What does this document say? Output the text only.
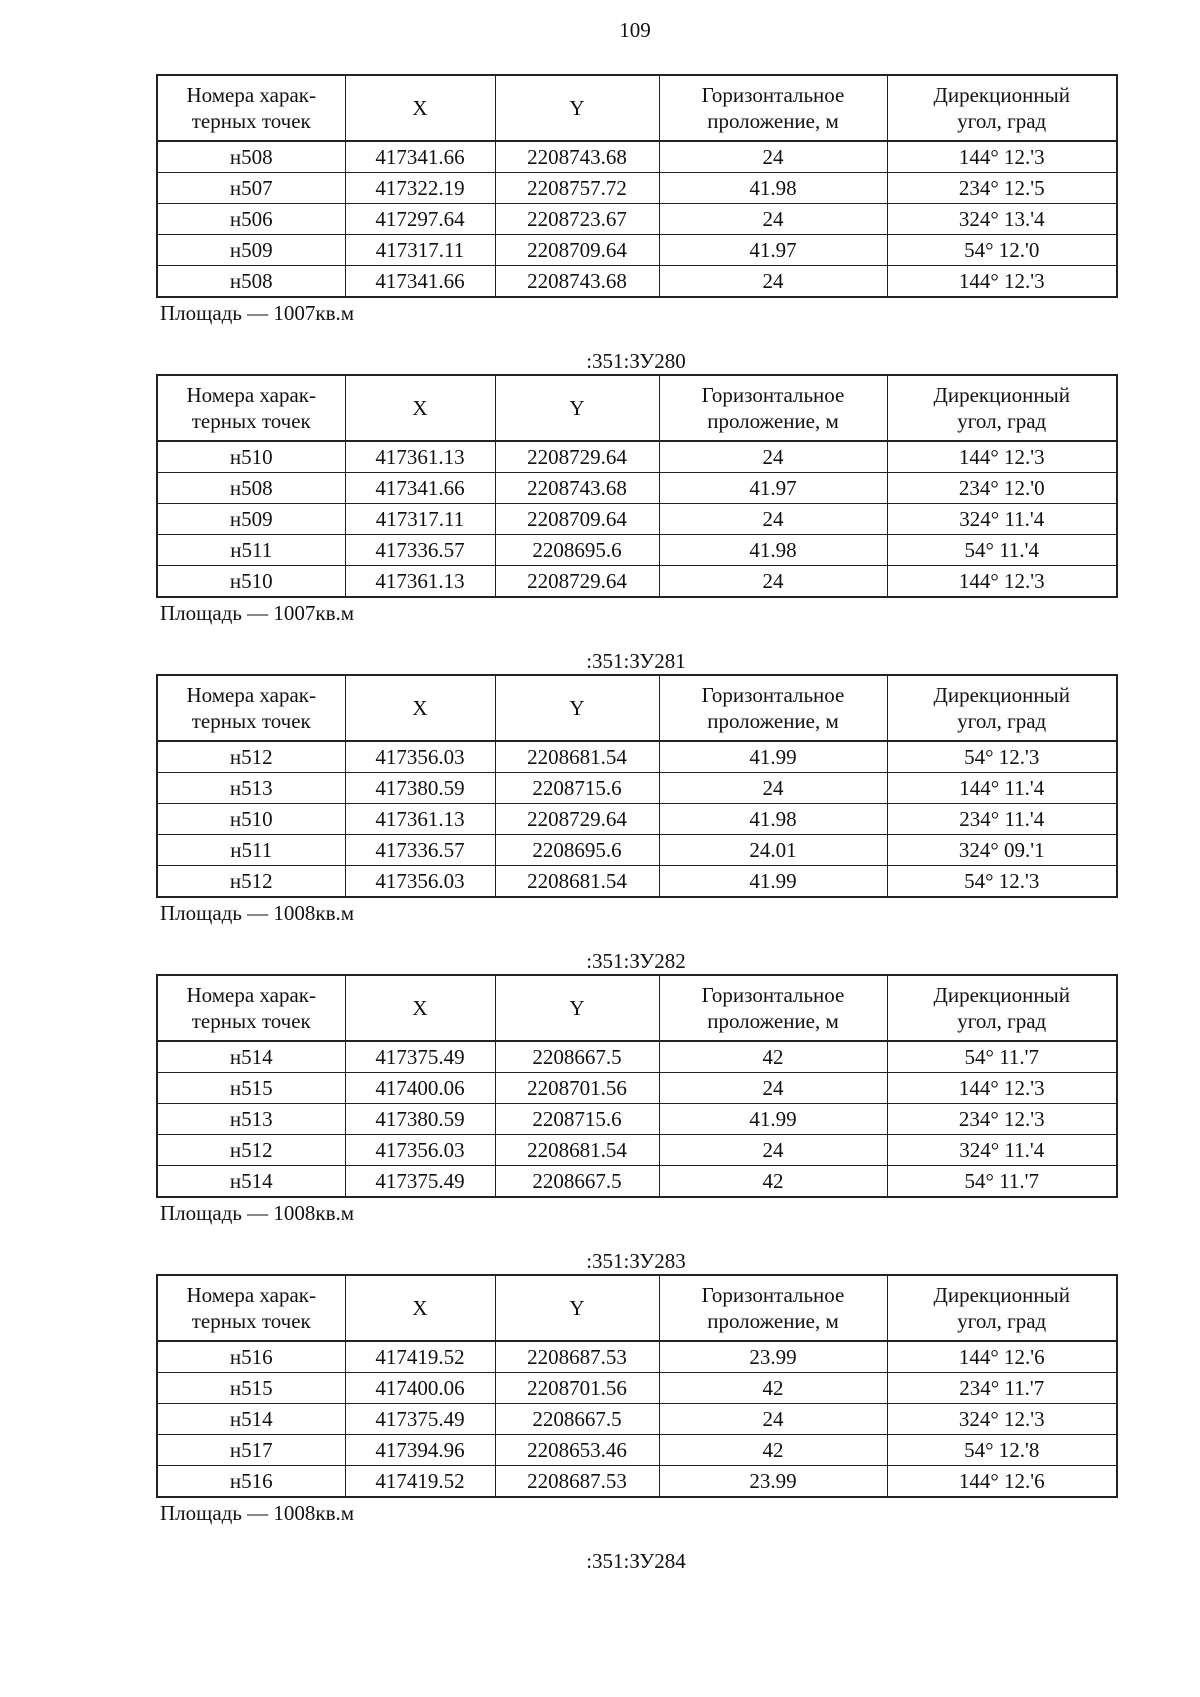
109
Номера харак-
терных точек	X	Y	Горизонтальное
проложение, м	Дирекционный
угол, град
н508	417341.66	2208743.68	24	144° 12.'3
н507	417322.19	2208757.72	41.98	234° 12.'5
н506	417297.64	2208723.67	24	324° 13.'4
н509	417317.11	2208709.64	41.97	54° 12.'0
н508	417341.66	2208743.68	24	144° 12.'3
Площадь — 1007кв.м
:351:ЗУ280
Номера харак-
терных точек	X	Y	Горизонтальное
проложение, м	Дирекционный
угол, град
н510	417361.13	2208729.64	24	144° 12.'3
н508	417341.66	2208743.68	41.97	234° 12.'0
н509	417317.11	2208709.64	24	324° 11.'4
н511	417336.57	2208695.6	41.98	54° 11.'4
н510	417361.13	2208729.64	24	144° 12.'3
Площадь — 1007кв.м
:351:ЗУ281
Номера харак-
терных точек	X	Y	Горизонтальное
проложение, м	Дирекционный
угол, град
н512	417356.03	2208681.54	41.99	54° 12.'3
н513	417380.59	2208715.6	24	144° 11.'4
н510	417361.13	2208729.64	41.98	234° 11.'4
н511	417336.57	2208695.6	24.01	324° 09.'1
н512	417356.03	2208681.54	41.99	54° 12.'3
Площадь — 1008кв.м
:351:ЗУ282
Номера харак-
терных точек	X	Y	Горизонтальное
проложение, м	Дирекционный
угол, град
н514	417375.49	2208667.5	42	54° 11.'7
н515	417400.06	2208701.56	24	144° 12.'3
н513	417380.59	2208715.6	41.99	234° 12.'3
н512	417356.03	2208681.54	24	324° 11.'4
н514	417375.49	2208667.5	42	54° 11.'7
Площадь — 1008кв.м
:351:ЗУ283
Номера харак-
терных точек	X	Y	Горизонтальное
проложение, м	Дирекционный
угол, град
н516	417419.52	2208687.53	23.99	144° 12.'6
н515	417400.06	2208701.56	42	234° 11.'7
н514	417375.49	2208667.5	24	324° 12.'3
н517	417394.96	2208653.46	42	54° 12.'8
н516	417419.52	2208687.53	23.99	144° 12.'6
Площадь — 1008кв.м
:351:ЗУ284
